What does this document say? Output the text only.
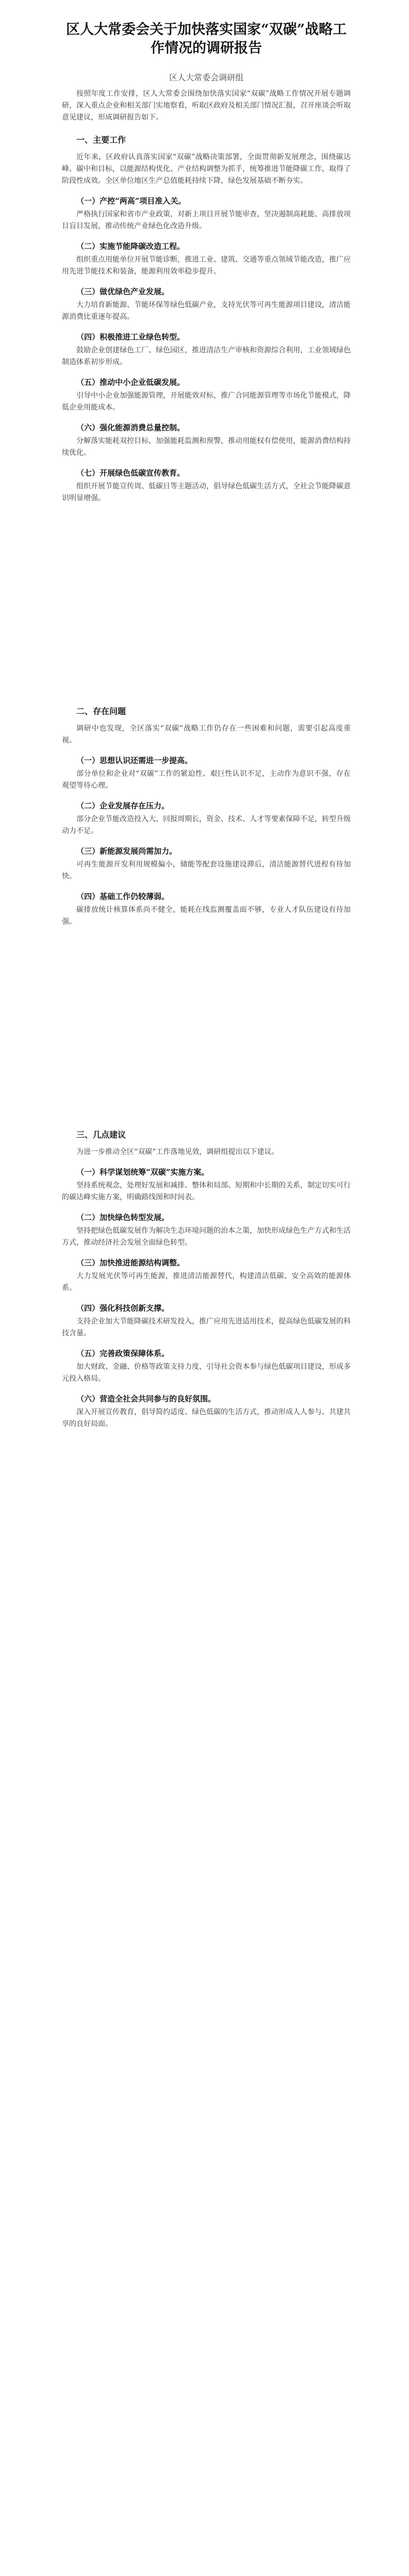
区人大常委会关于加快落实国家“双碳”战略工作情况的调研报告
区人大常委会调研组

按照年度工作安排，区人大常委会围绕加快落实国家“双碳”战略工作情况开展专题调研，深入重点企业和相关部门实地察看，听取区政府及相关部门情况汇报，召开座谈会听取意见建议，形成调研报告如下。

一、主要工作

近年来，区政府认真落实国家“双碳”战略决策部署，全面贯彻新发展理念，围绕碳达峰、碳中和目标，以能源结构优化、产业结构调整为抓手，统筹推进节能降碳工作，取得了阶段性成效。全区单位地区生产总值能耗持续下降，绿色发展基础不断夯实。

（一）产控“两高”项目准入关。

严格执行国家和省市产业政策，对新上项目开展节能审查，坚决遏制高耗能、高排放项目盲目发展，推动传统产业绿色化改造升级。

（二）实施节能降碳改造工程。

组织重点用能单位开展节能诊断，推进工业、建筑、交通等重点领域节能改造，推广应用先进节能技术和装备，能源利用效率稳步提升。

（三）做优绿色产业发展。

大力培育新能源、节能环保等绿色低碳产业，支持光伏等可再生能源项目建设，清洁能源消费比重逐年提高。

（四）积极推进工业绿色转型。

鼓励企业创建绿色工厂、绿色园区，推进清洁生产审核和资源综合利用，工业领域绿色制造体系初步形成。

（五）推动中小企业低碳发展。

引导中小企业加强能源管理，开展能效对标，推广合同能源管理等市场化节能模式，降低企业用能成本。

（六）强化能源消费总量控制。

分解落实能耗双控目标，加强能耗监测和预警，推动用能权有偿使用，能源消费结构持续优化。

（七）开展绿色低碳宣传教育。

组织开展节能宣传周、低碳日等主题活动，倡导绿色低碳生活方式，全社会节能降碳意识明显增强。

二、存在问题

调研中也发现，全区落实“双碳”战略工作仍存在一些困难和问题，需要引起高度重视。

（一）思想认识还需进一步提高。

部分单位和企业对“双碳”工作的紧迫性、艰巨性认识不足，主动作为意识不强，存在观望等待心理。

（二）企业发展存在压力。

部分企业节能改造投入大、回报周期长，资金、技术、人才等要素保障不足，转型升级动力不足。

（三）新能源发展尚需加力。

可再生能源开发利用规模偏小，储能等配套设施建设滞后，清洁能源替代进程有待加快。

（四）基础工作仍较薄弱。

碳排放统计核算体系尚不健全，能耗在线监测覆盖面不够，专业人才队伍建设有待加强。

三、几点建议

为进一步推动全区“双碳”工作落地见效，调研组提出以下建议。

（一）科学谋划统筹“双碳”实施方案。

坚持系统观念，处理好发展和减排、整体和局部、短期和中长期的关系，制定切实可行的碳达峰实施方案，明确路线图和时间表。

（二）加快绿色转型发展。

坚持把绿色低碳发展作为解决生态环境问题的治本之策，加快形成绿色生产方式和生活方式，推动经济社会发展全面绿色转型。

（三）加快推进能源结构调整。

大力发展光伏等可再生能源，推进清洁能源替代，构建清洁低碳、安全高效的能源体系。

（四）强化科技创新支撑。

支持企业加大节能降碳技术研发投入，推广应用先进适用技术，提高绿色低碳发展的科技含量。

（五）完善政策保障体系。

加大财政、金融、价格等政策支持力度，引导社会资本参与绿色低碳项目建设，形成多元投入格局。

（六）营造全社会共同参与的良好氛围。

深入开展宣传教育，倡导简约适度、绿色低碳的生活方式，推动形成人人参与、共建共享的良好局面。
